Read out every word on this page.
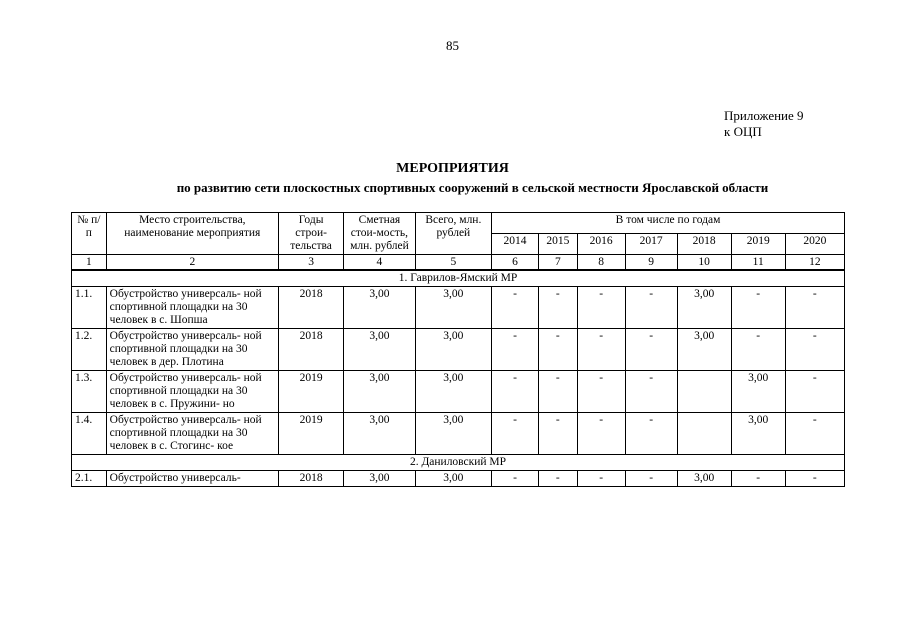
85
Приложение 9
к ОЦП
МЕРОПРИЯТИЯ
по развитию сети плоскостных спортивных сооружений в сельской местности Ярославской области
№ п/п	Место строительства, наименование мероприятия	Годы строи- тельства	Сметная стои-мость, млн. рублей	Всего, млн. рублей	В том числе по годам						
					2014	2015	2016	2017	2018	2019	2020
1	2	3	4	5	6	7	8	9	10	11	12
1. Гаврилов-Ямский МР											
1.1.	Обустройство универсаль- ной спортивной площадки на 30 человек в с. Шопша	2018	3,00	3,00	-	-	-	-	3,00	-	-
1.2.	Обустройство универсаль- ной спортивной площадки на 30 человек в дер. Плотина	2018	3,00	3,00	-	-	-	-	3,00	-	-
1.3.	Обустройство универсаль- ной спортивной площадки на 30 человек в с. Пружини- но	2019	3,00	3,00	-	-	-	-		3,00	-
1.4.	Обустройство универсаль- ной спортивной площадки на 30 человек в с. Стогинс- кое	2019	3,00	3,00	-	-	-	-		3,00	-
2. Даниловский МР											
2.1.	Обустройство универсаль-	2018	3,00	3,00	-	-	-	-	3,00	-	-
